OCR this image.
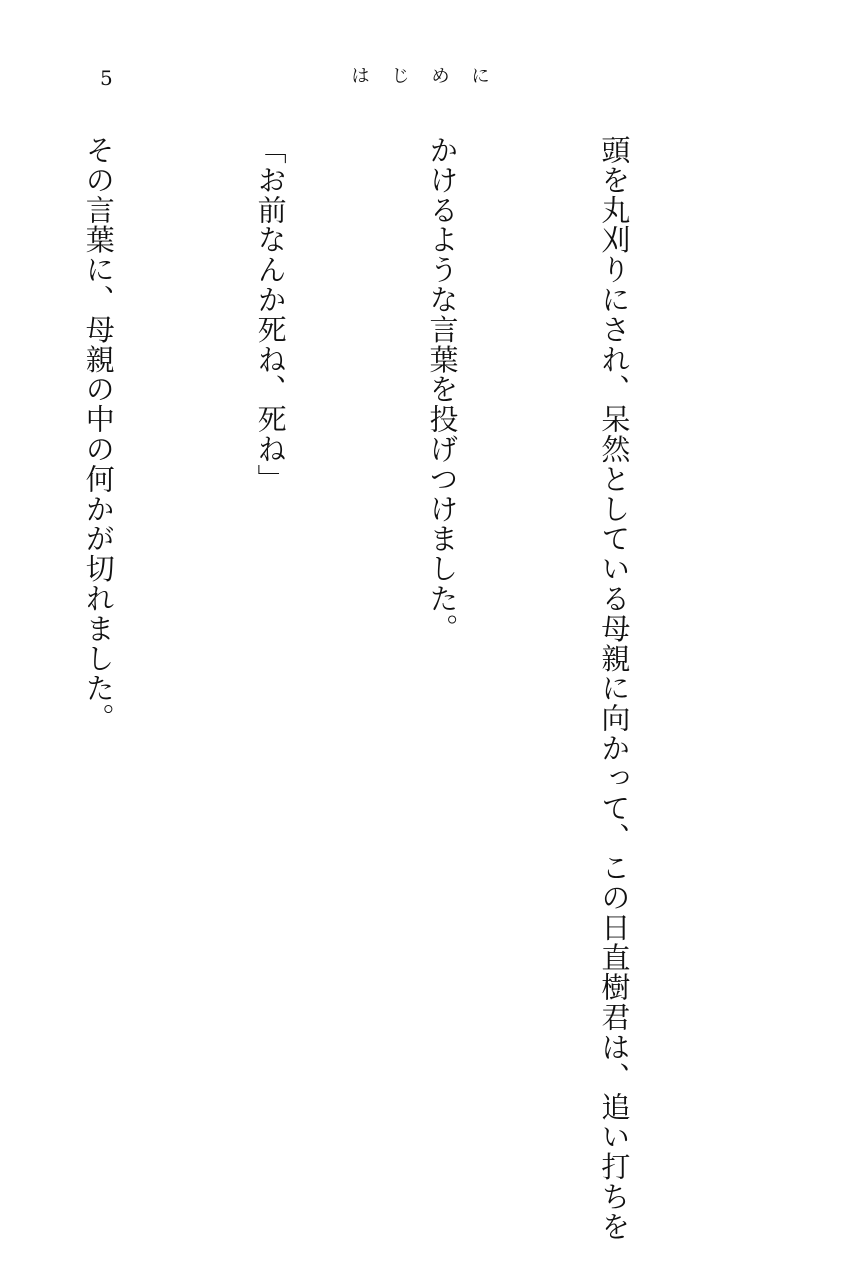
5	はじめに

頭を丸刈りにされ、呆然としている母親に向かって、この日直樹君は、追い打ちを

かけるような言葉を投げつけました。

「お前なんか死ね、死ね」

その言葉に、母親の中の何かが切れました。
